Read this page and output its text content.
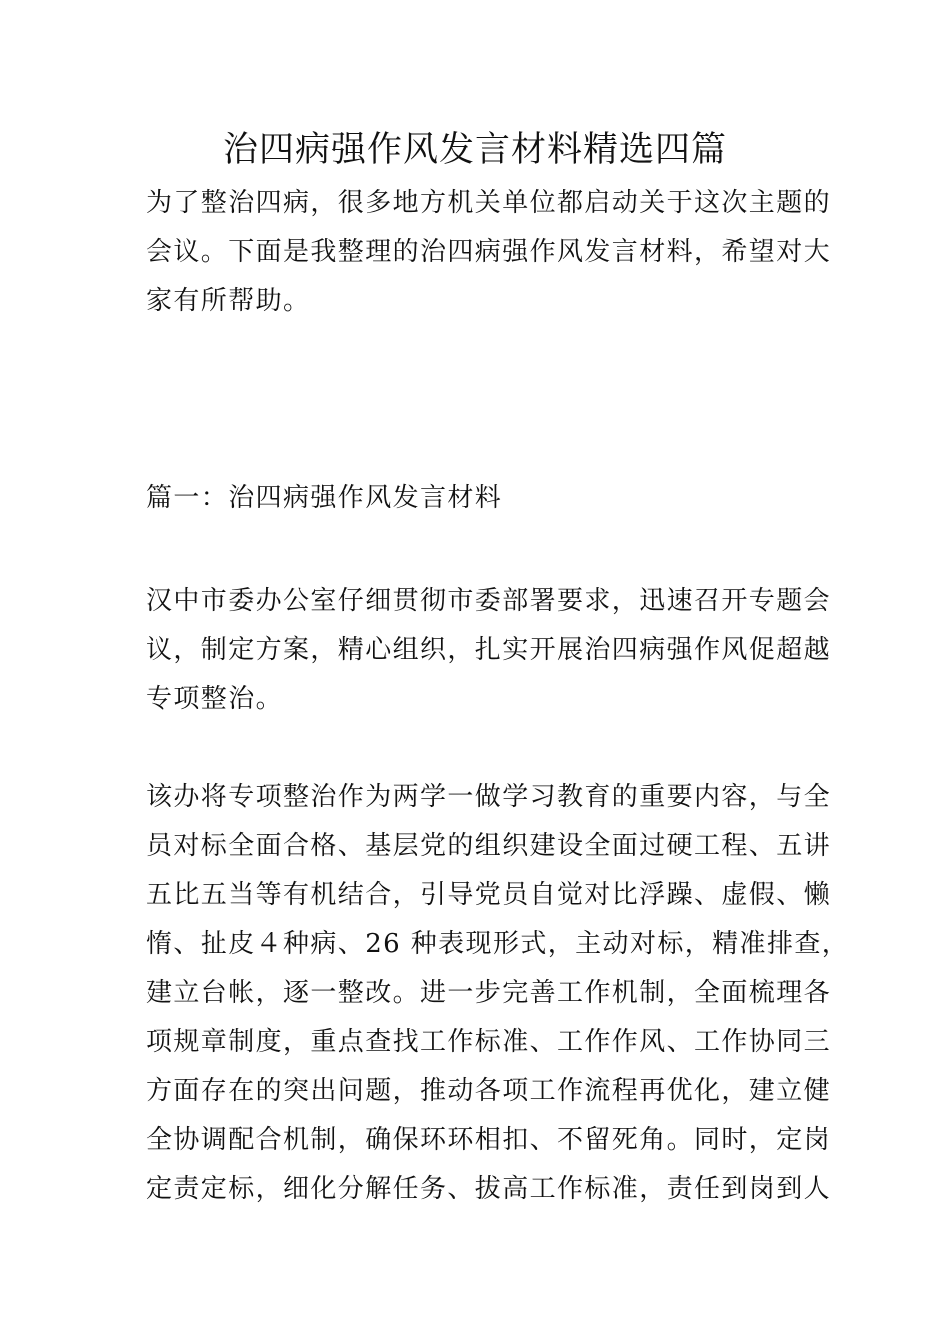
治四病强作风发言材料精选四篇
为了整治四病，很多地方机关单位都启动关于这次主题的
会议。下面是我整理的治四病强作风发言材料，希望对大
家有所帮助。
篇一：治四病强作风发言材料
汉中市委办公室仔细贯彻市委部署要求，迅速召开专题会
议，制定方案，精心组织，扎实开展治四病强作风促超越
专项整治。
该办将专项整治作为两学一做学习教育的重要内容，与全
员对标全面合格、基层党的组织建设全面过硬工程、五讲
五比五当等有机结合，引导党员自觉对比浮躁、虚假、懒
惰、扯皮４种病、26 种表现形式，主动对标，精准排查，
建立台帐，逐一整改。进一步完善工作机制，全面梳理各
项规章制度，重点查找工作标准、工作作风、工作协同三
方面存在的突出问题，推动各项工作流程再优化，建立健
全协调配合机制，确保环环相扣、不留死角。同时，定岗
定责定标，细化分解任务、拔高工作标准，责任到岗到人
